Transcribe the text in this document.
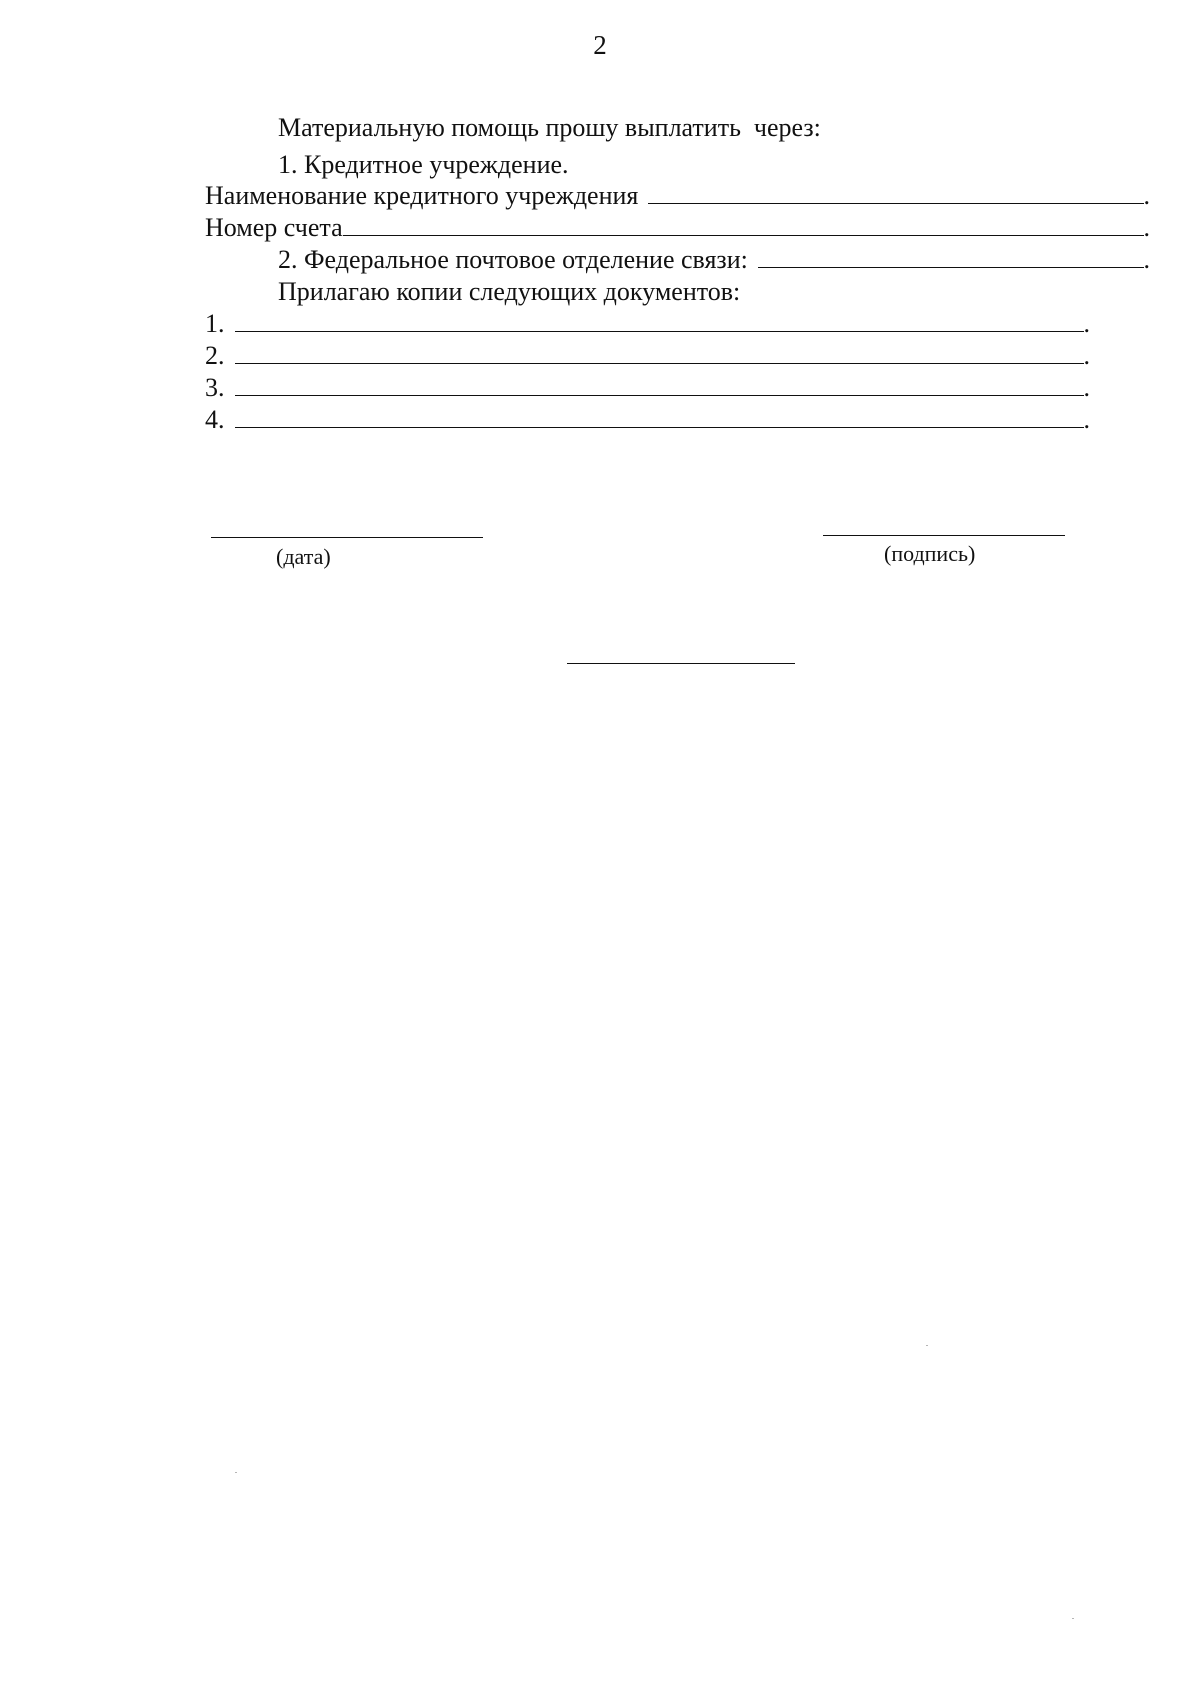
2
Материальную помощь прошу выплатить  через:
1. Кредитное учреждение.
Наименование кредитного учреждения	.
Номер счета	.
2. Федеральное почтовое отделение связи:	.
Прилагаю копии следующих документов:
1.	.
2.	.
3.	.
4.	.
(дата)	(подпись)
